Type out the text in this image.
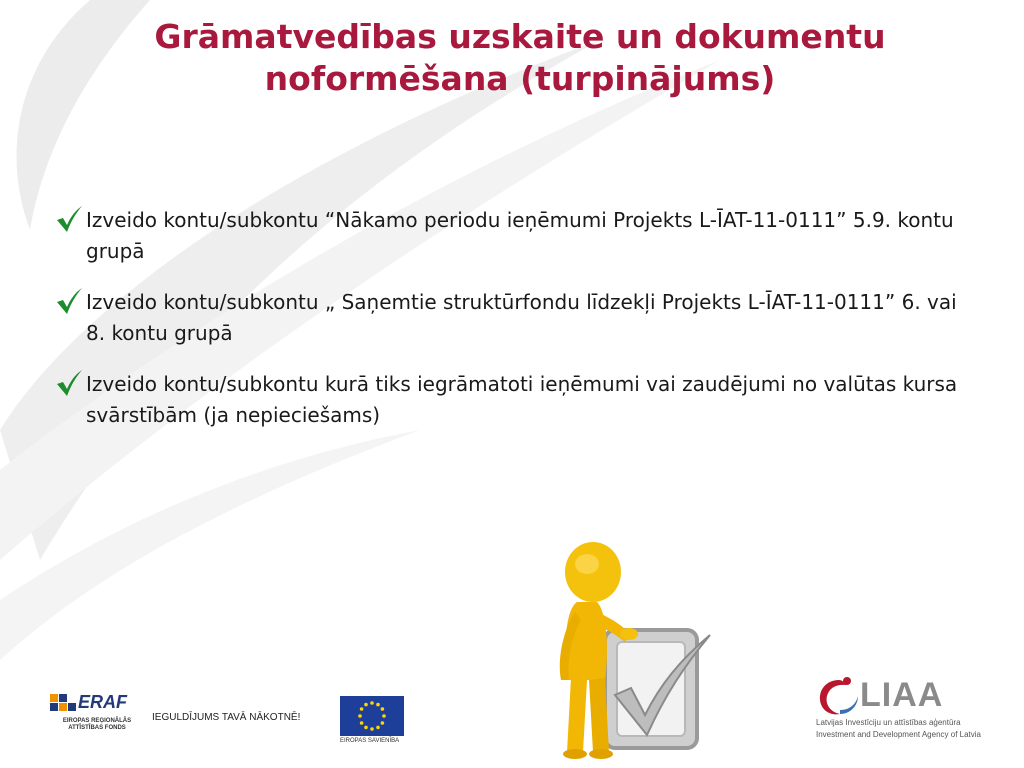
Grāmatvedības uzskaite un dokumentu
noformēšana (turpinājums)
Izveido kontu/subkontu “Nākamo periodu ieņēmumi Projekts L-ĪAT-11-0111” 5.9. kontu grupā
Izveido kontu/subkontu „ Saņemtie struktūrfondu līdzekļi Projekts L-ĪAT-11-0111” 6. vai 8. kontu grupā
Izveido kontu/subkontu kurā tiks iegrāmatoti ieņēmumi vai zaudējumi no valūtas kursa svārstībām (ja nepieciešams)
ERAF
EIROPAS REĢIONĀLĀS
ATTĪSTĪBAS FONDS
IEGULDĪJUMS TAVĀ NĀKOTNĒ!
EIROPAS SAVIENĪBA
LIAA
Latvijas Investīciju un attīstības aģentūra
Investment and Development Agency of Latvia
